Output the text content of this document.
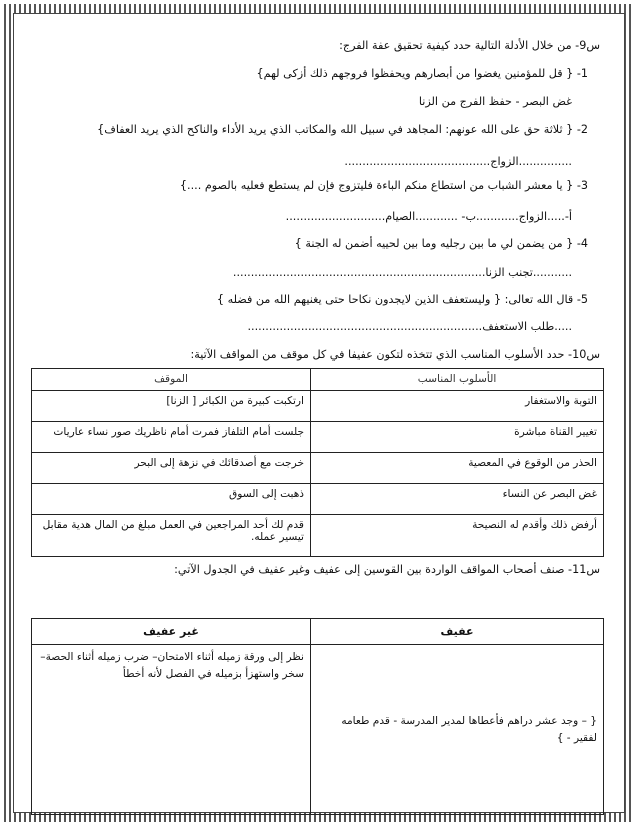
س9- من خلال الأدلة التالية حدد كيفية تحقيق عفة الفرج:
1- { قل للمؤمنين يغضوا من أبصارهم ويحفظوا فروجهم ذلك أزكى لهم}
غض البصر - حفظ الفرج من الزنا
2- { ثلاثة حق على الله عونهم: المجاهد في سبيل الله والمكاتب الذي يريد الأداء والناكح الذي يريد العفاف}
...............الزواج.........................................
3- { يا معشر الشباب من استطاع منكم الباءة فليتزوج فإن لم يستطع فعليه بالصوم ....}
أ-.....الزواج............ب- ............الصيام............................
4- { من يضمن لي ما بين رجليه وما بين لحييه أضمن له الجنة }
...........تجنب الزنا.......................................................................
5- قال الله تعالى: { وليستعفف الذين لايجدون نكاحا حتى يغنيهم الله من فضله }
.....طلب الاستعفف..................................................................
س10- حدد الأسلوب المناسب الذي تتخذه لتكون عفيفا في كل موقف من المواقف الآتية:
الأسلوب المناسب	الموقف
التوبة والاستغفار	ارتكبت كبيرة من الكبائر [ الزنا]
تغيير القناة مباشرة	جلست أمام التلفاز فمرت أمام ناظريك صور نساء عاريات
الحذر من الوقوع في المعصية	خرجت مع أصدقائك في نزهة إلى البحر
غض البصر عن النساء	ذهبت إلى السوق
أرفض ذلك وأقدم له النصيحة	قدم لك أحد المراجعين في العمل مبلغ من المال هدية مقابل تيسير عمله.
س11- صنف أصحاب المواقف الواردة بين القوسين إلى عفيف وغير عفيف في الجدول الآتي:
عفيف	غير عفيف
{ – وجد عشر دراهم فأعطاها لمدير المدرسة - قدم طعامه لفقير - }	نظر إلى ورقة زميله أثناء الامتحان– ضرب زميله أثناء الحصة– سخر واستهزأ بزميله في الفصل لأنه أخطأ
